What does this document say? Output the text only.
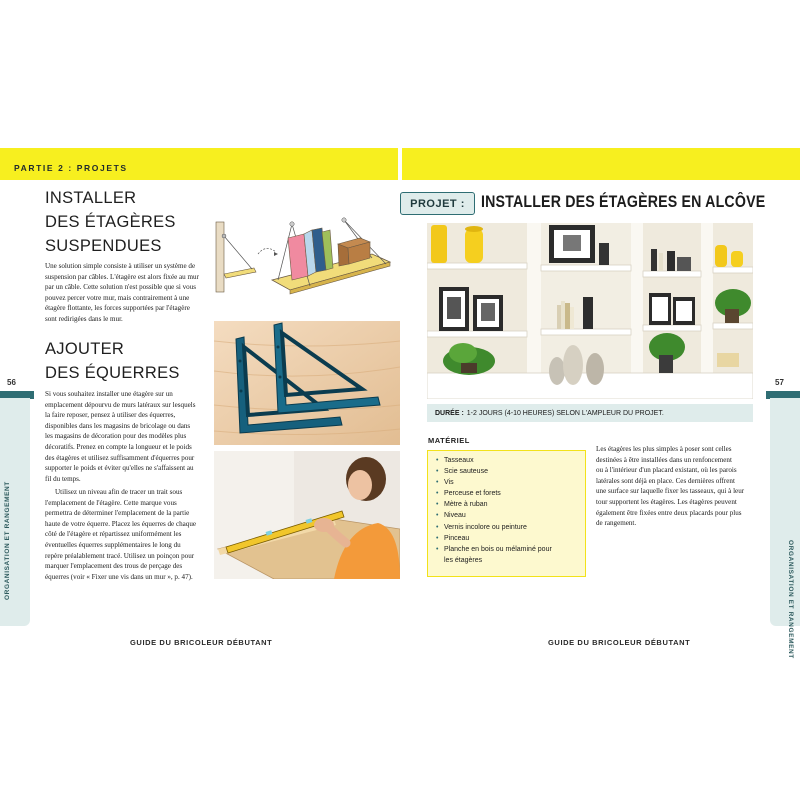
PARTIE 2 : PROJETS
56	57
ORGANISATION ET RANGEMENT	ORGANISATION ET RANGEMENT
INSTALLER
DES ÉTAGÈRES
SUSPENDUES
Une solution simple consiste à utiliser un système de
suspension par câbles. L'étagère est alors fixée au mur
par un câble. Cette solution n'est possible que si vous
pouvez percer votre mur, mais contrairement à une
étagère flottante, les forces supportées par l'étagère
sont redirigées dans le mur.
AJOUTER
DES ÉQUERRES
Si vous souhaitez installer une étagère sur un
emplacement dépourvu de murs latéraux sur lesquels
la faire reposer, pensez à utiliser des équerres,
disponibles dans les magasins de bricolage ou dans
les magasins de décoration pour des modèles plus
décoratifs. Prenez en compte la longueur et le poids
des étagères et utilisez suffisamment d'équerres pour
supporter le poids et éviter qu'elles ne s'affaissent au
fil du temps.
Utilisez un niveau afin de tracer un trait sous
l'emplacement de l'étagère. Cette marque vous
permettra de déterminer l'emplacement de la partie
haute de votre équerre. Placez les équerres de chaque
côté de l'étagère et répartissez uniformément les
éventuelles équerres supplémentaires le long du
repère préalablement tracé. Utilisez un poinçon pour
marquer l'emplacement des trous de perçage des
équerres (voir « Fixer une vis dans un mur », p. 47).
GUIDE DU BRICOLEUR DÉBUTANT	GUIDE DU BRICOLEUR DÉBUTANT
PROJET : INSTALLER DES ÉTAGÈRES EN ALCÔVE
DURÉE : 1-2 JOURS (4-10 HEURES) SELON L'AMPLEUR DU PROJET.
MATÉRIEL
• Tasseaux
• Scie sauteuse
• Vis
• Perceuse et forets
• Mètre à ruban
• Niveau
• Vernis incolore ou peinture
• Pinceau
• Planche en bois ou mélaminé pour
les étagères
Les étagères les plus simples à poser sont celles
destinées à être installées dans un renfoncement
ou à l'intérieur d'un placard existant, où les parois
latérales sont déjà en place. Ces dernières offrent
une surface sur laquelle fixer les tasseaux, qui à leur
tour supportent les étagères. Les étagères peuvent
également être fixées entre deux placards pour plus
de rangement.
